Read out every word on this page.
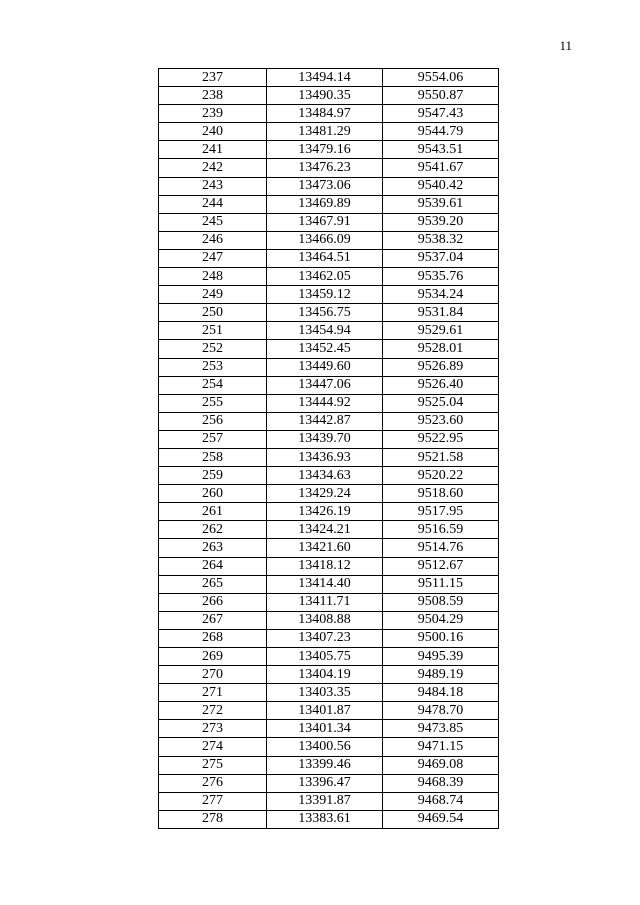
11
237	13494.14	9554.06
238	13490.35	9550.87
239	13484.97	9547.43
240	13481.29	9544.79
241	13479.16	9543.51
242	13476.23	9541.67
243	13473.06	9540.42
244	13469.89	9539.61
245	13467.91	9539.20
246	13466.09	9538.32
247	13464.51	9537.04
248	13462.05	9535.76
249	13459.12	9534.24
250	13456.75	9531.84
251	13454.94	9529.61
252	13452.45	9528.01
253	13449.60	9526.89
254	13447.06	9526.40
255	13444.92	9525.04
256	13442.87	9523.60
257	13439.70	9522.95
258	13436.93	9521.58
259	13434.63	9520.22
260	13429.24	9518.60
261	13426.19	9517.95
262	13424.21	9516.59
263	13421.60	9514.76
264	13418.12	9512.67
265	13414.40	9511.15
266	13411.71	9508.59
267	13408.88	9504.29
268	13407.23	9500.16
269	13405.75	9495.39
270	13404.19	9489.19
271	13403.35	9484.18
272	13401.87	9478.70
273	13401.34	9473.85
274	13400.56	9471.15
275	13399.46	9469.08
276	13396.47	9468.39
277	13391.87	9468.74
278	13383.61	9469.54
